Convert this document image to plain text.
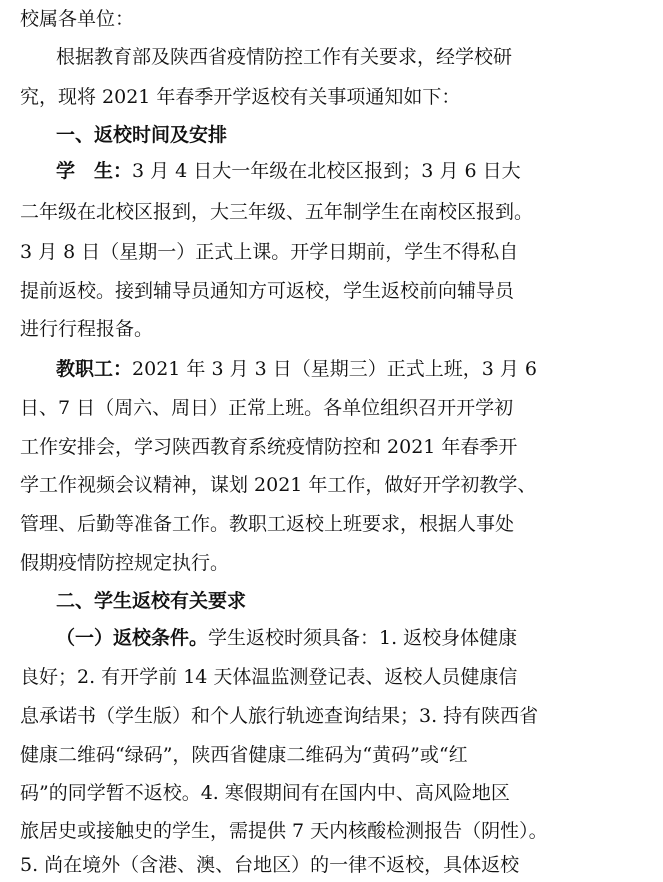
校属各单位：
根据教育部及陕西省疫情防控工作有关要求，经学校研
究，现将 2021 年春季开学返校有关事项通知如下：
一、返校时间及安排
学　生：3 月 4 日大一年级在北校区报到；3 月 6 日大
二年级在北校区报到，大三年级、五年制学生在南校区报到。
3 月 8 日（星期一）正式上课。开学日期前，学生不得私自
提前返校。接到辅导员通知方可返校，学生返校前向辅导员
进行行程报备。
教职工：2021 年 3 月 3 日（星期三）正式上班，3 月 6
日、7 日（周六、周日）正常上班。各单位组织召开开学初
工作安排会，学习陕西教育系统疫情防控和 2021 年春季开
学工作视频会议精神，谋划 2021 年工作，做好开学初教学、
管理、后勤等准备工作。教职工返校上班要求，根据人事处
假期疫情防控规定执行。
二、学生返校有关要求
（一）返校条件。学生返校时须具备：1. 返校身体健康
良好；2. 有开学前 14 天体温监测登记表、返校人员健康信
息承诺书（学生版）和个人旅行轨迹查询结果；3. 持有陕西省
健康二维码“绿码”，陕西省健康二维码为“黄码”或“红
码”的同学暂不返校。4. 寒假期间有在国内中、高风险地区
旅居史或接触史的学生，需提供 7 天内核酸检测报告（阴性）。
5. 尚在境外（含港、澳、台地区）的一律不返校，具体返校
